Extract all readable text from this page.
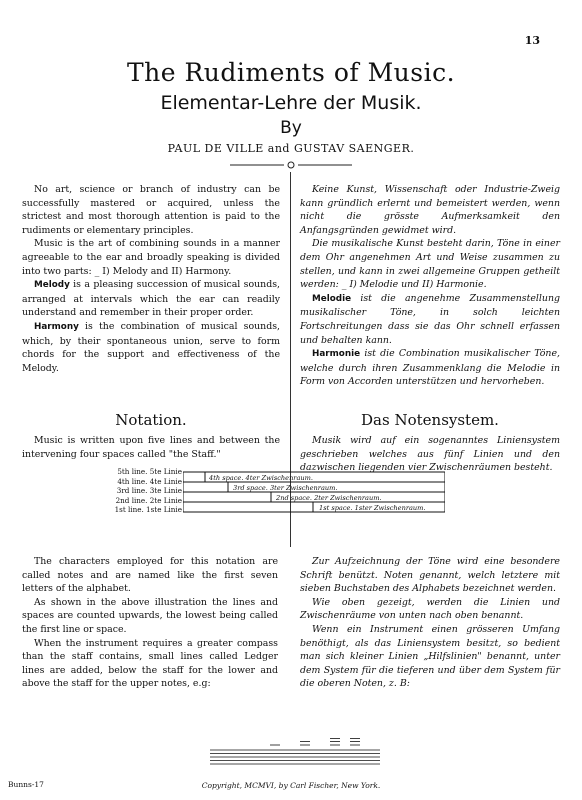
13
The Rudiments of Music.
Elementar-Lehre der Musik.
By
PAUL DE VILLE and GUSTAV SAENGER.

No art, science or branch of industry can be successfully mastered or acquired, unless the strictest and most thorough attention is paid to the rudiments or elementary principles.

Music is the art of combining sounds in a manner agreeable to the ear and broadly speaking is divided into two parts: _ I) Melody and II) Harmony.

Melody is a pleasing succession of musical sounds, arranged at intervals which the ear can readily understand and remember in their proper order.

Harmony is the combination of musical sounds, which, by their spontaneous union, serve to form chords for the support and effectiveness of the Melody.

Keine Kunst, Wissenschaft oder Industrie-Zweig kann gründlich erlernt und bemeistert werden, wenn nicht die grösste Aufmerksamkeit den Anfangsgründen gewidmet wird.

Die musikalische Kunst besteht darin, Töne in einer dem Ohr angenehmen Art und Weise zusammen zu stellen, und kann in zwei allgemeine Gruppen getheilt werden: _ I) Melodie und II) Harmonie.

Melodie ist die angenehme Zusammenstellung musikalischer Töne, in solch leichten Fortschreitungen dass sie das Ohr schnell erfassen und behalten kann.

Harmonie ist die Combination musikalischer Töne, welche durch ihren Zusammenklang die Melodie in Form von Accorden unterstützen und hervorheben.

Notation.	Das Notensystem.

Music is written upon five lines and between the intervening four spaces called "the Staff."

Musik wird auf ein sogenanntes Liniensystem geschrieben welches aus fünf Linien und den dazwischen liegenden vier Zwischenräumen besteht.

5th line. 5te Linie
4th line. 4te Linie
3rd line. 3te Linie
2nd line. 2te Linie
1st line. 1ste Linie
4th space. 4ter Zwischenraum.
3rd space. 3ter Zwischenraum.
2nd space. 2ter Zwischenraum.
1st space. 1ster Zwischenraum.

The characters employed for this notation are called notes and are named like the first seven letters of the alphabet.

As shown in the above illustration the lines and spaces are counted upwards, the lowest being called the first line or space.

When the instrument requires a greater compass than the staff contains, small lines called Ledger lines are added, below the staff for the lower and above the staff for the upper notes, e.g:

Zur Aufzeichnung der Töne wird eine besondere Schrift benützt. Noten genannt, welch letztere mit sieben Buchstaben des Alphabets bezeichnet werden.

Wie oben gezeigt, werden die Linien und Zwischenräume von unten nach oben benannt.

Wenn ein Instrument einen grösseren Umfang benöthigt, als das Liniensystem besitzt, so bedient man sich kleiner Linien „Hilfslinien" benannt, unter dem System für die tieferen und über dem System für die oberen Noten, z. B:

Bunns-17	Copyright, MCMVI, by Carl Fischer, New York.
